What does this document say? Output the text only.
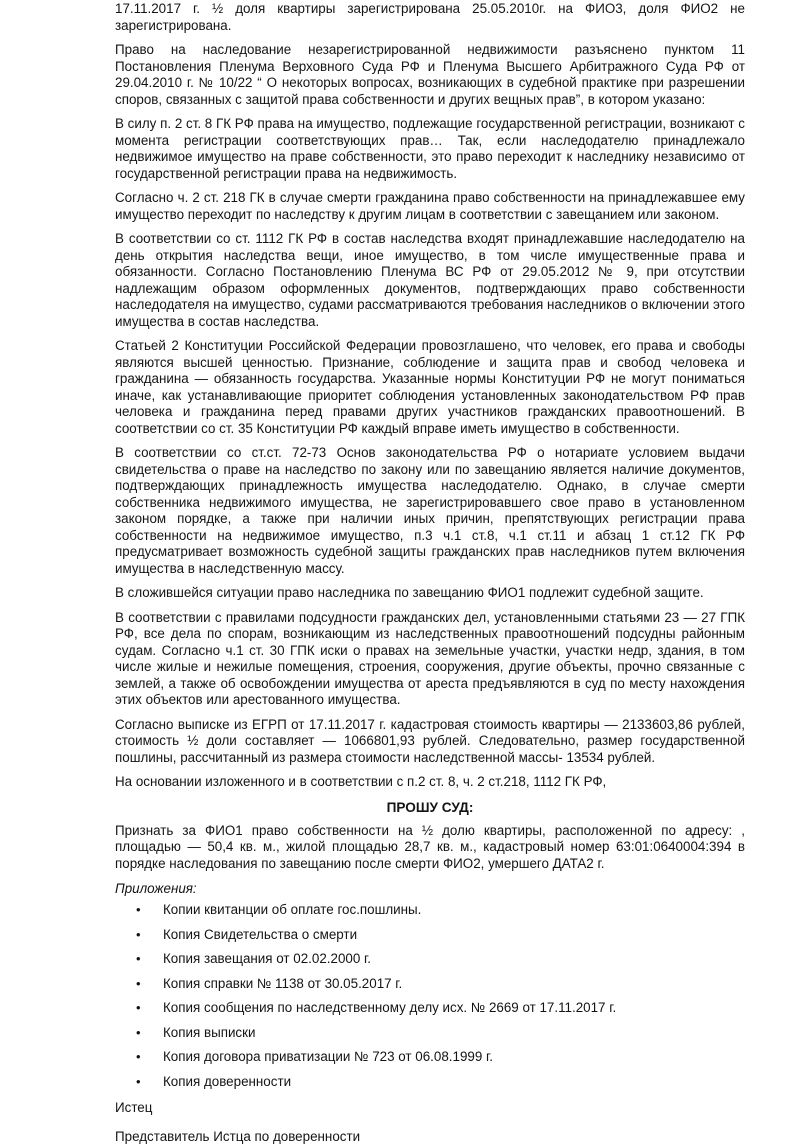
17.11.2017 г. ½ доля квартиры зарегистрирована 25.05.2010г. на ФИО3, доля ФИО2 не зарегистрирована.

Право на наследование незарегистрированной недвижимости разъяснено пунктом 11 Постановления Пленума Верховного Суда РФ и Пленума Высшего Арбитражного Суда РФ от 29.04.2010 г. № 10/22 “ О некоторых вопросах, возникающих в судебной практике при разрешении споров, связанных с защитой права собственности и других вещных прав”, в котором указано:

В силу п. 2 ст. 8 ГК РФ права на имущество, подлежащие государственной регистрации, возникают с момента регистрации соответствующих прав… Так, если наследодателю принадлежало недвижимое имущество на праве собственности, это право переходит к наследнику независимо от государственной регистрации права на недвижимость.

Согласно ч. 2 ст. 218 ГК в случае смерти гражданина право собственности на принадлежавшее ему имущество переходит по наследству к другим лицам в соответствии с завещанием или законом.

В соответствии со ст. 1112 ГК РФ в состав наследства входят принадлежавшие наследодателю на день открытия наследства вещи, иное имущество, в том числе имущественные права и обязанности. Согласно Постановлению Пленума ВС РФ от 29.05.2012 № 9, при отсутствии надлежащим образом оформленных документов, подтверждающих право собственности наследодателя на имущество, судами рассматриваются требования наследников о включении этого имущества в состав наследства.

Статьей 2 Конституции Российской Федерации провозглашено, что человек, его права и свободы являются высшей ценностью. Признание, соблюдение и защита прав и свобод человека и гражданина — обязанность государства. Указанные нормы Конституции РФ не могут пониматься иначе, как устанавливающие приоритет соблюдения установленных законодательством РФ прав человека и гражданина перед правами других участников гражданских правоотношений. В соответствии со ст. 35 Конституции РФ каждый вправе иметь имущество в собственности.

В соответствии со ст.ст. 72-73 Основ законодательства РФ о нотариате условием выдачи свидетельства о праве на наследство по закону или по завещанию является наличие документов, подтверждающих принадлежность имущества наследодателю. Однако, в случае смерти собственника недвижимого имущества, не зарегистрировавшего свое право в установленном законом порядке, а также при наличии иных причин, препятствующих регистрации права собственности на недвижимое имущество, п.3 ч.1 ст.8, ч.1 ст.11 и абзац 1 ст.12 ГК РФ предусматривает возможность судебной защиты гражданских прав наследников путем включения имущества в наследственную массу.

В сложившейся ситуации право наследника по завещанию ФИО1 подлежит судебной защите.

В соответствии с правилами подсудности гражданских дел, установленными статьями 23 — 27 ГПК РФ, все дела по спорам, возникающим из наследственных правоотношений подсудны районным судам. Согласно ч.1 ст. 30 ГПК иски о правах на земельные участки, участки недр, здания, в том числе жилые и нежилые помещения, строения, сооружения, другие объекты, прочно связанные с землей, а также об освобождении имущества от ареста предъявляются в суд по месту нахождения этих объектов или арестованного имущества.

Согласно выписке из ЕГРП от 17.11.2017 г. кадастровая стоимость квартиры — 2133603,86 рублей, стоимость ½ доли составляет — 1066801,93 рублей. Следовательно, размер государственной пошлины, рассчитанный из размера стоимости наследственной массы- 13534 рублей.

На основании изложенного и в соответствии с п.2 ст. 8, ч. 2 ст.218, 1112 ГК РФ,

ПРОШУ СУД:

Признать за ФИО1 право собственности на ½ долю квартиры, расположенной по адресу: , площадью — 50,4 кв. м., жилой площадью 28,7 кв. м., кадастровый номер 63:01:0640004:394 в порядке наследования по завещанию после смерти ФИО2, умершего ДАТА2 г.

Приложения:
• Копии квитанции об оплате гос.пошлины.
• Копия Свидетельства о смерти
• Копия завещания от 02.02.2000 г.
• Копия справки № 1138 от 30.05.2017 г.
• Копия сообщения по наследственному делу исх. № 2669 от 17.11.2017 г.
• Копия выписки
• Копия договора приватизации № 723 от 06.08.1999 г.
• Копия доверенности
Истец
Представитель Истца по доверенности
